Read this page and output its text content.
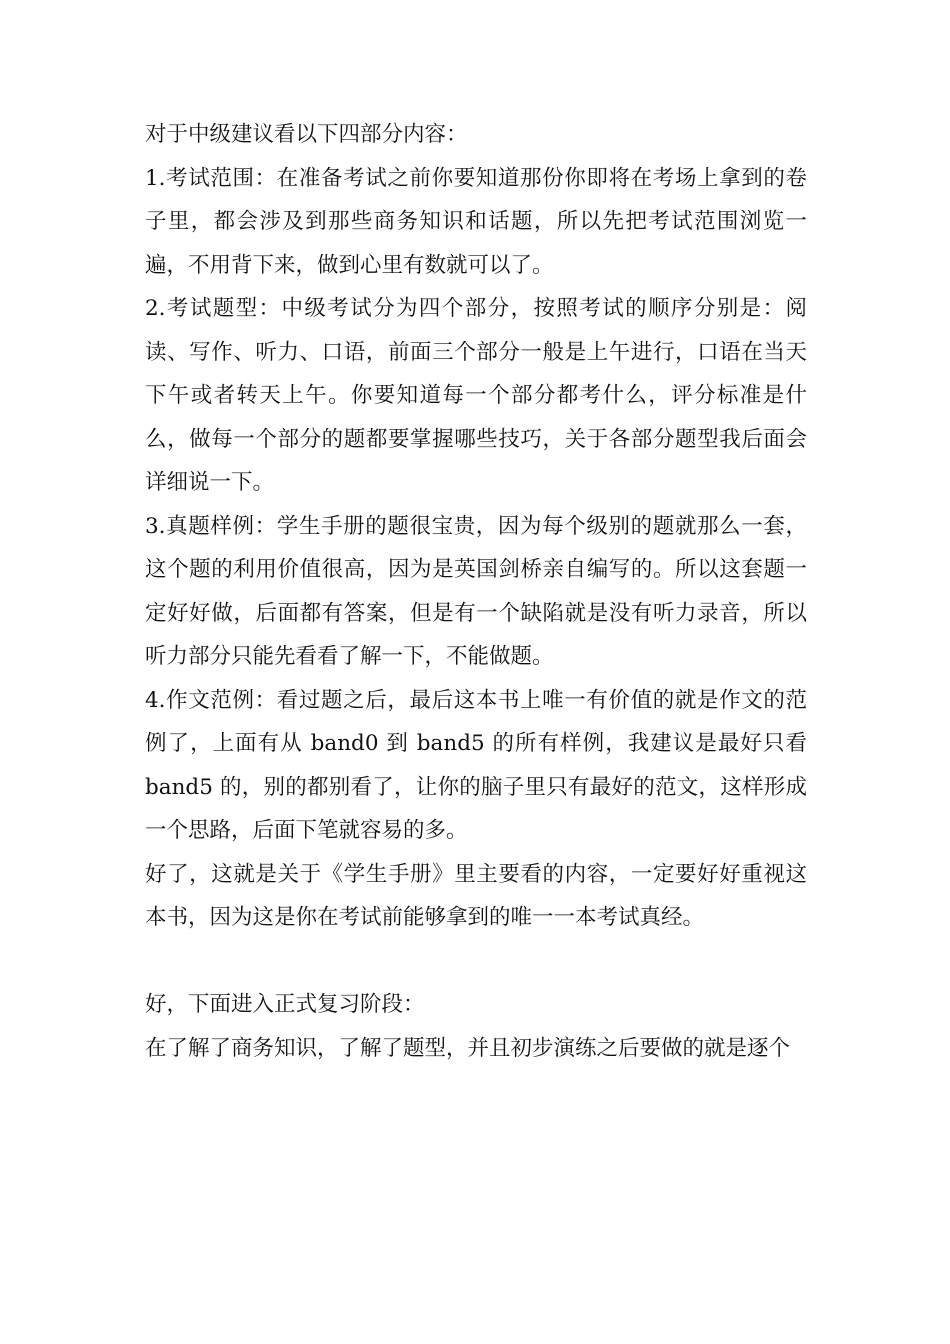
对于中级建议看以下四部分内容：

1.考试范围：在准备考试之前你要知道那份你即将在考场上拿到的卷子里，都会涉及到那些商务知识和话题，所以先把考试范围浏览一遍，不用背下来，做到心里有数就可以了。

2.考试题型：中级考试分为四个部分，按照考试的顺序分别是：阅读、写作、听力、口语，前面三个部分一般是上午进行，口语在当天下午或者转天上午。你要知道每一个部分都考什么，评分标准是什么，做每一个部分的题都要掌握哪些技巧，关于各部分题型我后面会详细说一下。

3.真题样例：学生手册的题很宝贵，因为每个级别的题就那么一套，这个题的利用价值很高，因为是英国剑桥亲自编写的。所以这套题一定好好做，后面都有答案，但是有一个缺陷就是没有听力录音，所以听力部分只能先看看了解一下，不能做题。

4.作文范例：看过题之后，最后这本书上唯一有价值的就是作文的范例了，上面有从 band0 到 band5 的所有样例，我建议是最好只看 band5 的，别的都别看了，让你的脑子里只有最好的范文，这样形成一个思路，后面下笔就容易的多。

好了，这就是关于《学生手册》里主要看的内容，一定要好好重视这本书，因为这是你在考试前能够拿到的唯一一本考试真经。

好，下面进入正式复习阶段：

在了解了商务知识，了解了题型，并且初步演练之后要做的就是逐个
